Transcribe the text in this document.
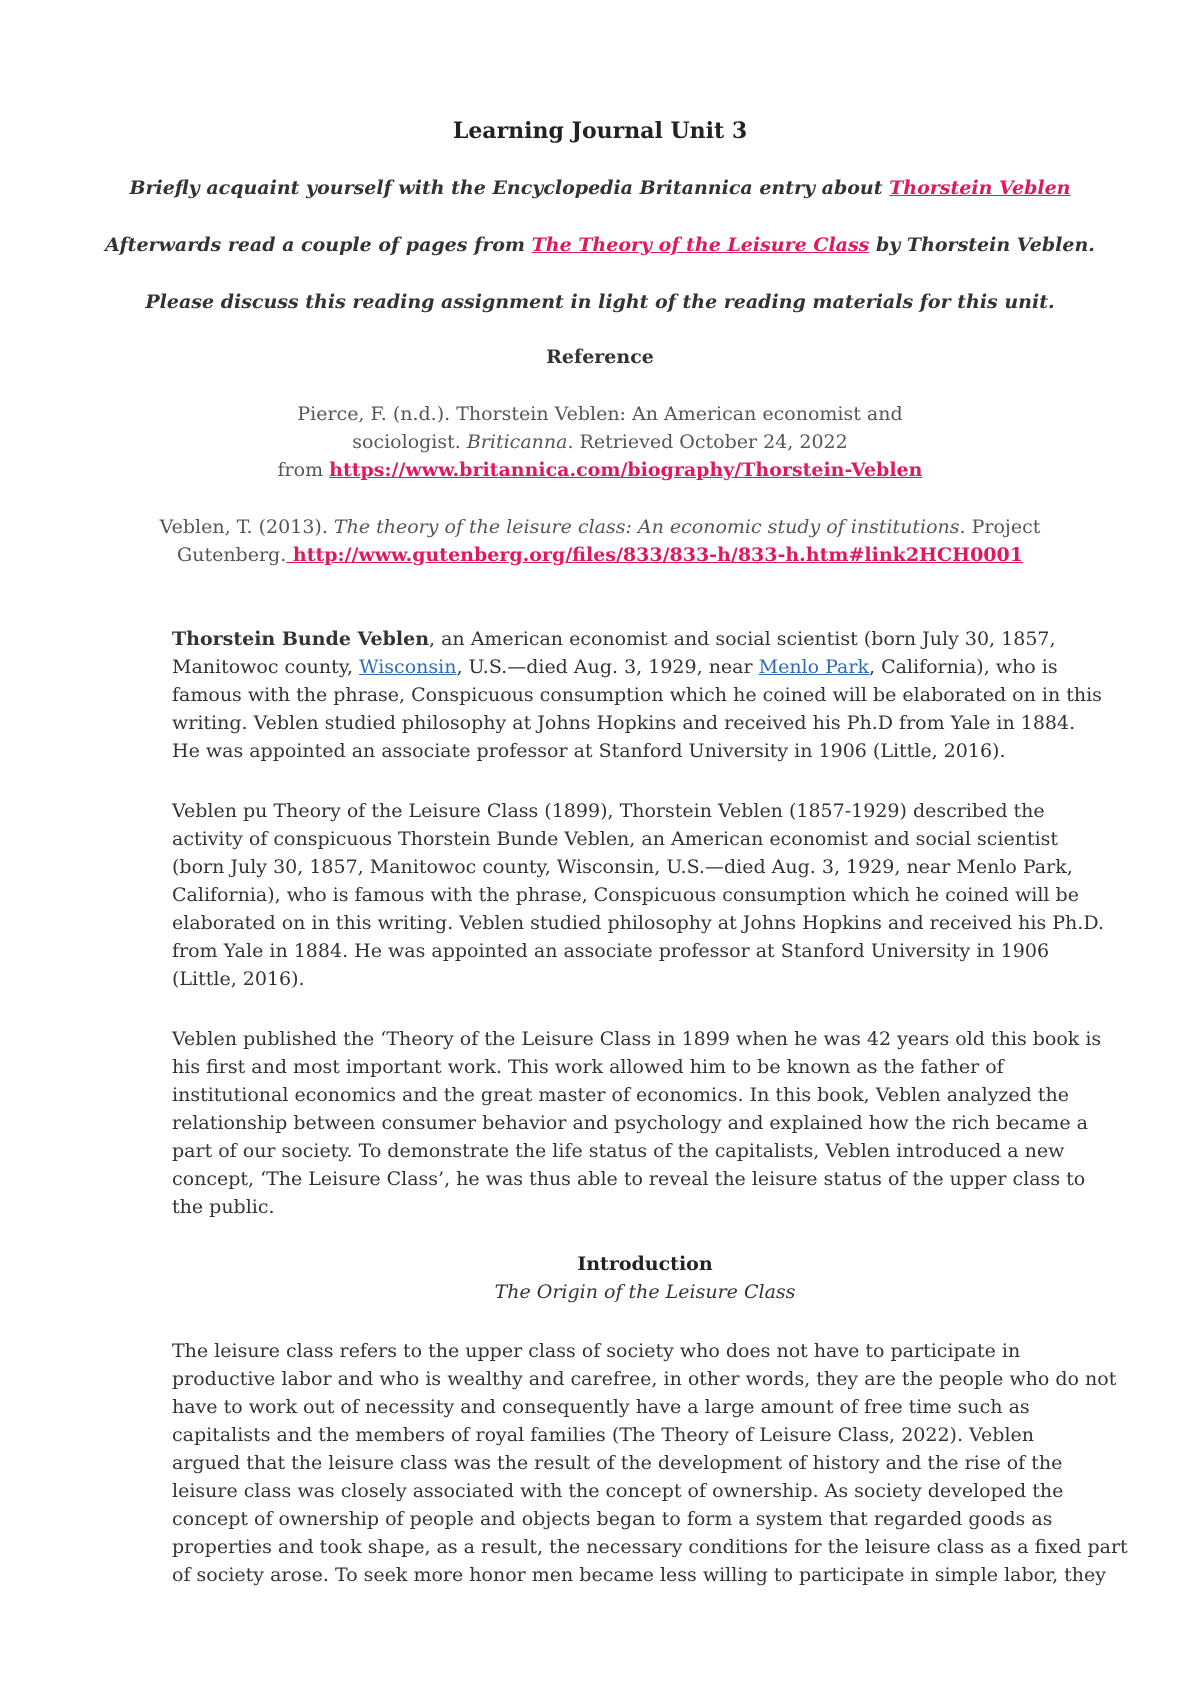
Learning Journal Unit 3
Briefly acquaint yourself with the Encyclopedia Britannica entry about Thorstein Veblen
Afterwards read a couple of pages from The Theory of the Leisure Class by Thorstein Veblen.
Please discuss this reading assignment in light of the reading materials for this unit.
Reference
Pierce, F. (n.d.). Thorstein Veblen: An American economist and
sociologist. Briticanna. Retrieved October 24, 2022
from https://www.britannica.com/biography/Thorstein-Veblen
Veblen, T. (2013). The theory of the leisure class: An economic study of institutions. Project
Gutenberg. http://www.gutenberg.org/files/833/833-h/833-h.htm#link2HCH0001
Thorstein Bunde Veblen, an American economist and social scientist (born July 30, 1857,
Manitowoc county, Wisconsin, U.S.—died Aug. 3, 1929, near Menlo Park, California), who is
famous with the phrase, Conspicuous consumption which he coined will be elaborated on in this
writing. Veblen studied philosophy at Johns Hopkins and received his Ph.D from Yale in 1884.
He was appointed an associate professor at Stanford University in 1906 (Little, 2016).
Veblen pu Theory of the Leisure Class (1899), Thorstein Veblen (1857-1929) described the
activity of conspicuous Thorstein Bunde Veblen, an American economist and social scientist
(born July 30, 1857, Manitowoc county, Wisconsin, U.S.—died Aug. 3, 1929, near Menlo Park,
California), who is famous with the phrase, Conspicuous consumption which he coined will be
elaborated on in this writing. Veblen studied philosophy at Johns Hopkins and received his Ph.D.
from Yale in 1884. He was appointed an associate professor at Stanford University in 1906
(Little, 2016).
Veblen published the ‘Theory of the Leisure Class in 1899 when he was 42 years old this book is
his first and most important work. This work allowed him to be known as the father of
institutional economics and the great master of economics. In this book, Veblen analyzed the
relationship between consumer behavior and psychology and explained how the rich became a
part of our society. To demonstrate the life status of the capitalists, Veblen introduced a new
concept, ‘The Leisure Class’, he was thus able to reveal the leisure status of the upper class to
the public.
Introduction
The Origin of the Leisure Class
The leisure class refers to the upper class of society who does not have to participate in
productive labor and who is wealthy and carefree, in other words, they are the people who do not
have to work out of necessity and consequently have a large amount of free time such as
capitalists and the members of royal families (The Theory of Leisure Class, 2022). Veblen
argued that the leisure class was the result of the development of history and the rise of the
leisure class was closely associated with the concept of ownership. As society developed the
concept of ownership of people and objects began to form a system that regarded goods as
properties and took shape, as a result, the necessary conditions for the leisure class as a fixed part
of society arose. To seek more honor men became less willing to participate in simple labor, they
